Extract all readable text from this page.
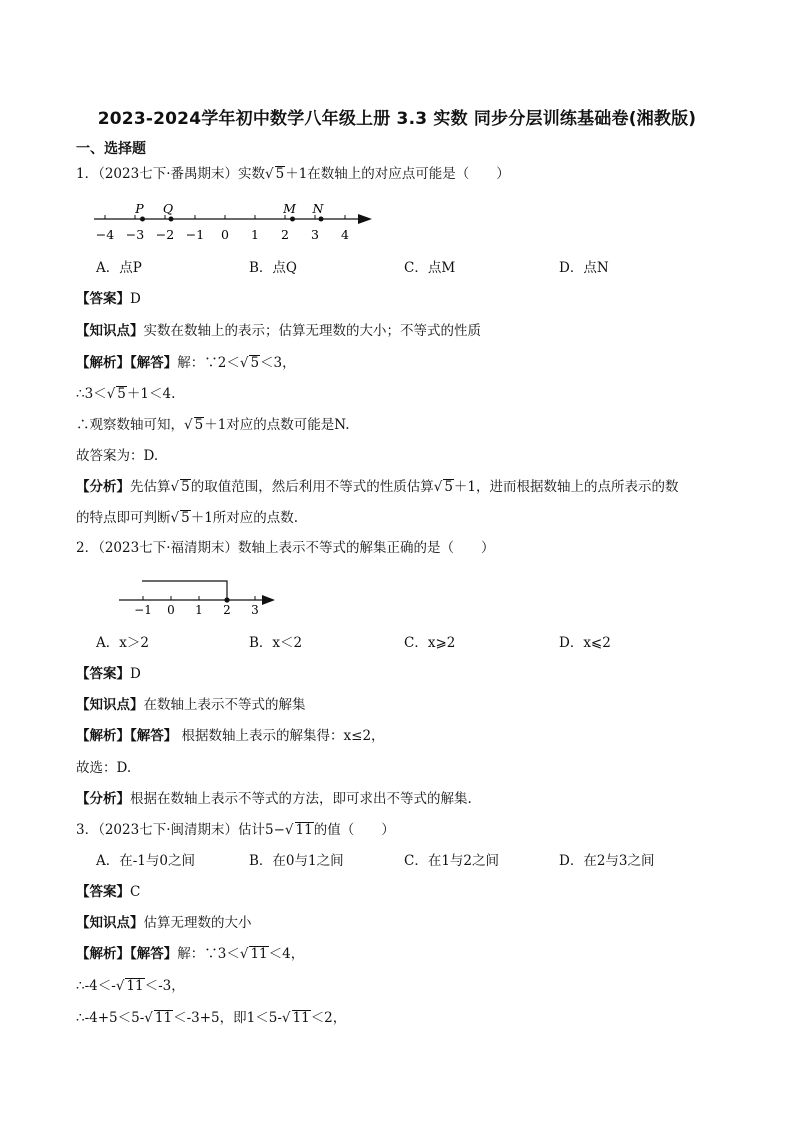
2023-2024学年初中数学八年级上册 3.3 实数 同步分层训练基础卷(湘教版)
一、选择题
1．（2023七下·番禺期末）实数√ 5＋1在数轴上的对应点可能是（　　）
−4 −3 −2 −1 0 1 2 3 4
P Q	M N
A．点P	B．点Q	C．点M	D．点N
【答案】D
【知识点】实数在数轴上的表示；估算无理数的大小；不等式的性质
【解析】【解答】解：∵2＜√ 5＜3，
∴3＜√ 5＋1＜4.
∴观察数轴可知，√ 5＋1对应的点数可能是N.
故答案为：D.
【分析】先估算√ 5的取值范围，然后利用不等式的性质估算√ 5＋1，进而根据数轴上的点所表示的数
的特点即可判断√ 5＋1所对应的点数.
2．（2023七下·福清期末）数轴上表示不等式的解集正确的是（　　）
−1 0 1 2 3
A．x＞2	B．x＜2	C．x⩾2	D．x⩽2
【答案】D
【知识点】在数轴上表示不等式的解集
【解析】【解答】 根据数轴上表示的解集得：x≤2，
故选：D.
【分析】根据在数轴上表示不等式的方法，即可求出不等式的解集.
3．（2023七下·闽清期末）估计5−√ 11的值（　　）
A．在-1与0之间	B．在0与1之间	C．在1与2之间	D．在2与3之间
【答案】C
【知识点】估算无理数的大小
【解析】【解答】解：∵3＜√ 11＜4，
∴-4＜-√ 11＜-3，
∴-4+5＜5-√ 11＜-3+5，即1＜5-√ 11＜2，
